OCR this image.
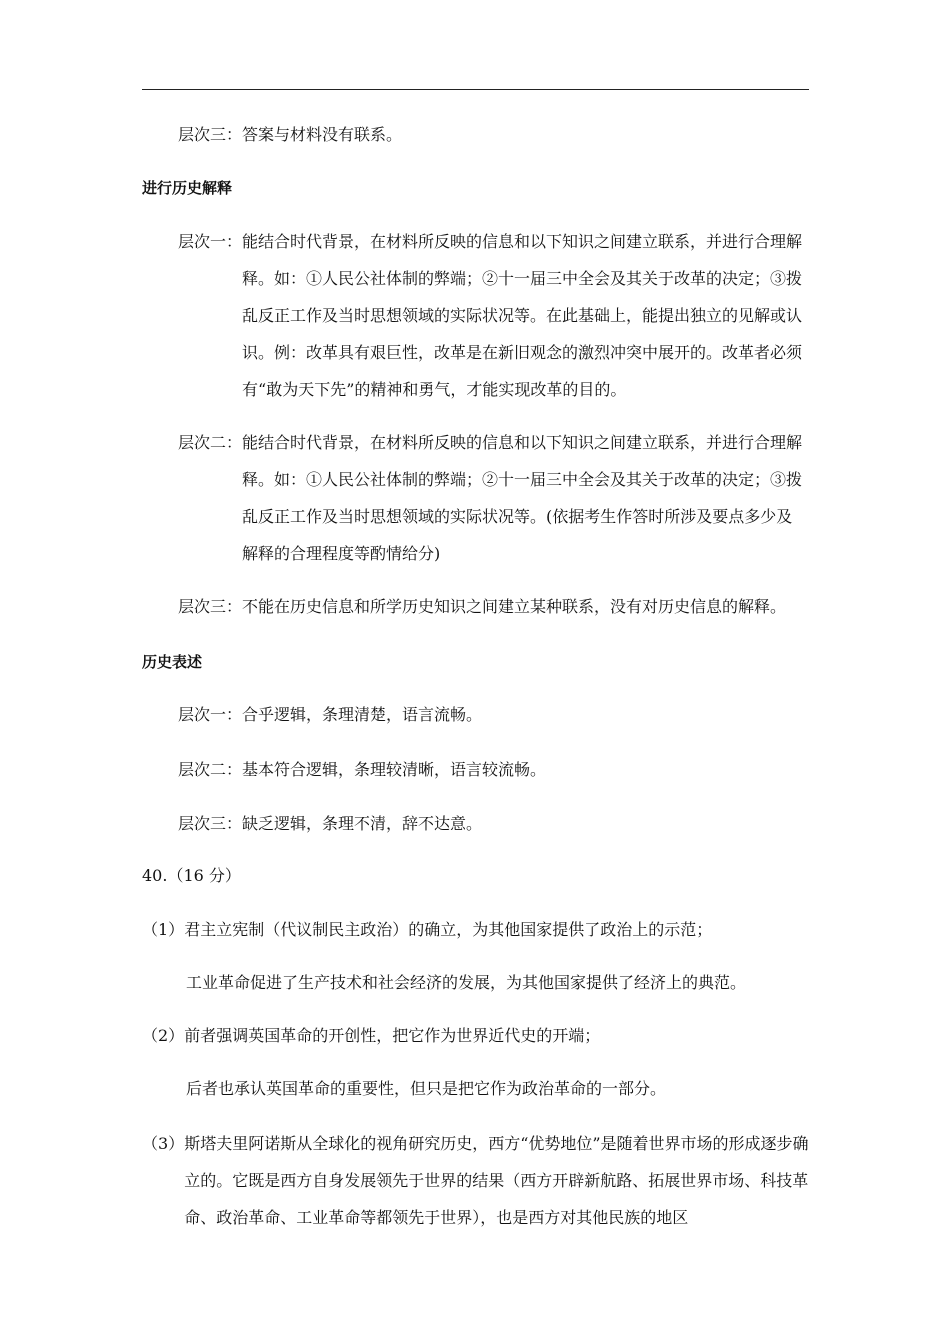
层次三：答案与材料没有联系。
进行历史解释
层次一： 能结合时代背景，在材料所反映的信息和以下知识之间建立联系，并进行合理解释。如：①人民公社体制的弊端；②十一届三中全会及其关于改革的决定；③拨乱反正工作及当时思想领域的实际状况等。在此基础上，能提出独立的见解或认识。例：改革具有艰巨性，改革是在新旧观念的激烈冲突中展开的。改革者必须有“敢为天下先”的精神和勇气，才能实现改革的目的。
层次二： 能结合时代背景，在材料所反映的信息和以下知识之间建立联系，并进行合理解释。如：①人民公社体制的弊端；②十一届三中全会及其关于改革的决定；③拨乱反正工作及当时思想领域的实际状况等。(依据考生作答时所涉及要点多少及解释的合理程度等酌情给分)
层次三：不能在历史信息和所学历史知识之间建立某种联系，没有对历史信息的解释。
历史表述
层次一：合乎逻辑，条理清楚，语言流畅。
层次二：基本符合逻辑，条理较清晰，语言较流畅。
层次三：缺乏逻辑，条理不清，辞不达意。
40.（16 分）
（1）君主立宪制（代议制民主政治）的确立，为其他国家提供了政治上的示范；
工业革命促进了生产技术和社会经济的发展，为其他国家提供了经济上的典范。
（2）前者强调英国革命的开创性，把它作为世界近代史的开端；
后者也承认英国革命的重要性，但只是把它作为政治革命的一部分。
（3） 斯塔夫里阿诺斯从全球化的视角研究历史，西方“优势地位”是随着世界市场的形成逐步确立的。它既是西方自身发展领先于世界的结果（西方开辟新航路、拓展世界市场、科技革命、政治革命、工业革命等都领先于世界），也是西方对其他民族的地区
